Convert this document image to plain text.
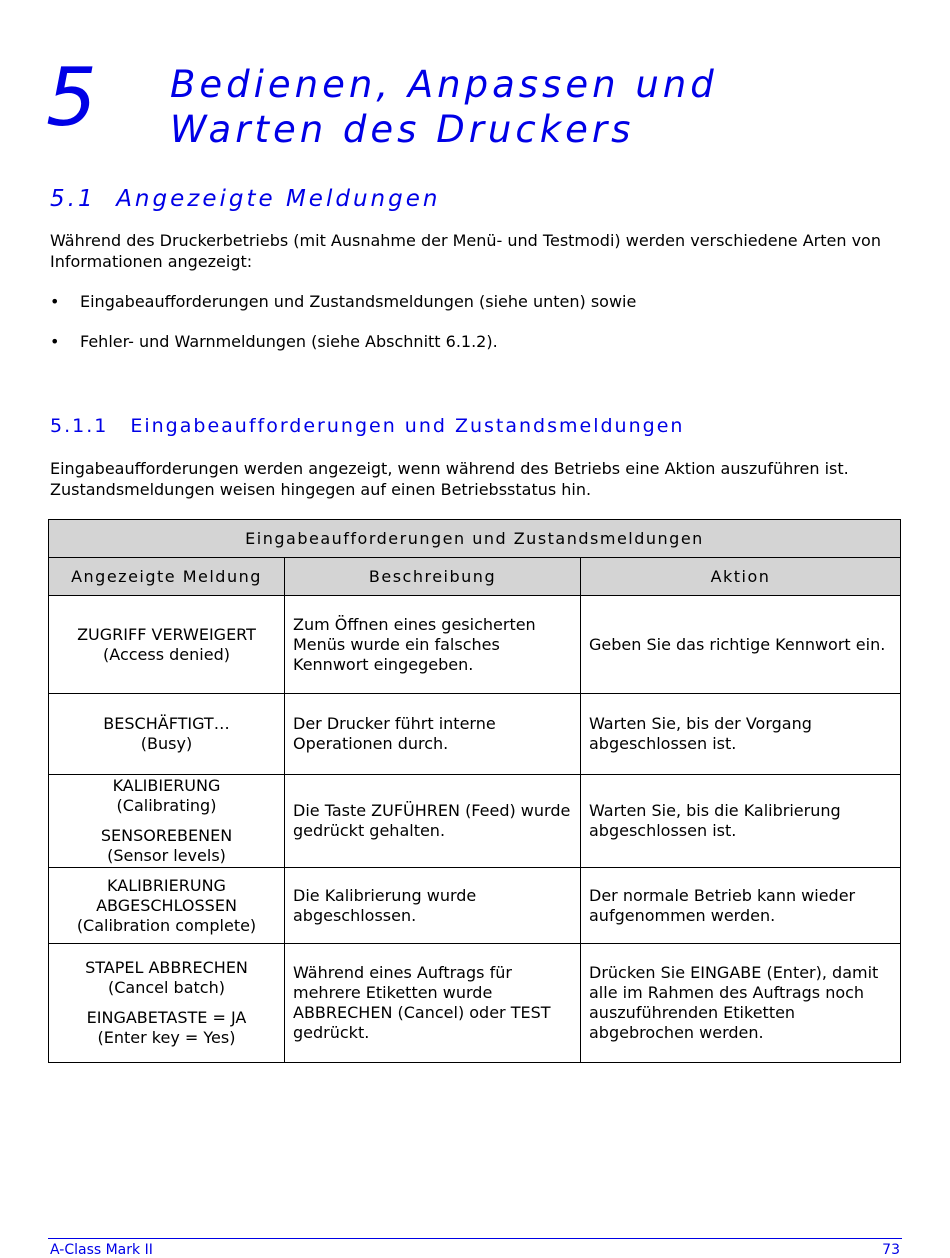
5 Bedienen, Anpassen und
Warten des Druckers
5.1  Angezeigte Meldungen
Während des Druckerbetriebs (mit Ausnahme der Menü- und Testmodi) werden verschiedene Arten von Informationen angezeigt:
• Eingabeaufforderungen und Zustandsmeldungen (siehe unten) sowie
• Fehler- und Warnmeldungen (siehe Abschnitt 6.1.2).
5.1.1 Eingabeaufforderungen und Zustandsmeldungen
Eingabeaufforderungen werden angezeigt, wenn während des Betriebs eine Aktion auszuführen ist. Zustandsmeldungen weisen hingegen auf einen Betriebsstatus hin.
Eingabeaufforderungen und Zustandsmeldungen		
Angezeigte Meldung	Beschreibung	Aktion

ZUGRIFF VERWEIGERT
(Access denied)	Zum Öffnen eines gesicherten Menüs wurde ein falsches Kennwort eingegeben.	Geben Sie das richtige Kennwort ein.

BESCHÄFTIGT…
(Busy)	Der Drucker führt interne Operationen durch.	Warten Sie, bis der Vorgang abgeschlossen ist.

KALIBIERUNG
(Calibrating)

SENSOREBENEN
(Sensor levels)	Die Taste ZUFÜHREN (Feed) wurde gedrückt gehalten.	Warten Sie, bis die Kalibrierung abgeschlossen ist.

KALIBRIERUNG
ABGESCHLOSSEN
(Calibration complete)	Die Kalibrierung wurde abgeschlossen.	Der normale Betrieb kann wieder aufgenommen werden.

STAPEL ABBRECHEN
(Cancel batch)

EINGABETASTE = JA
(Enter key = Yes)	Während eines Auftrags für mehrere Etiketten wurde ABBRECHEN (Cancel) oder TEST gedrückt.	Drücken Sie EINGABE (Enter), damit alle im Rahmen des Auftrags noch auszuführenden Etiketten abgebrochen werden.
A-Class Mark II	73
